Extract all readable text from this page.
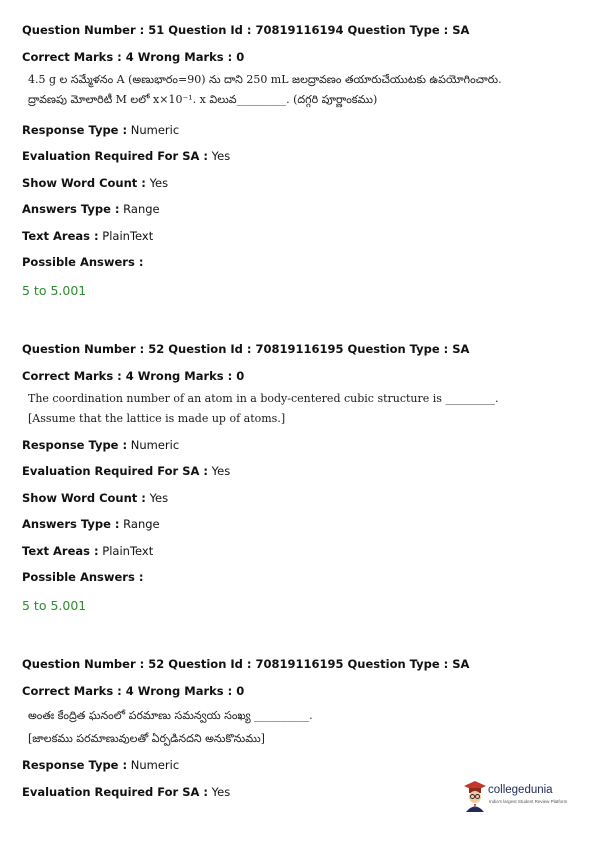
Question Number : 51 Question Id : 70819116194 Question Type : SA
Correct Marks : 4 Wrong Marks : 0
4.5 g ల సమ్మేళనం A (అణుభారం=90) ను దాని 250 mL జలద్రావణం తయారుచేయుటకు ఉపయోగించారు.
ద్రావణపు మోలారిటీ M లలో x×10⁻¹. x విలువ_________. (దగ్గరి పూర్ణాంకము)
Response Type : Numeric
Evaluation Required For SA : Yes
Show Word Count : Yes
Answers Type : Range
Text Areas : PlainText
Possible Answers :
5 to 5.001
Question Number : 52 Question Id : 70819116195 Question Type : SA
Correct Marks : 4 Wrong Marks : 0
The coordination number of an atom in a body-centered cubic structure is _________.
[Assume that the lattice is made up of atoms.]
Response Type : Numeric
Evaluation Required For SA : Yes
Show Word Count : Yes
Answers Type : Range
Text Areas : PlainText
Possible Answers :
5 to 5.001
Question Number : 52 Question Id : 70819116195 Question Type : SA
Correct Marks : 4 Wrong Marks : 0
అంతః కేంద్రిత ఘనంలో పరమాణు సమన్వయ సంఖ్య __________.
[జాలకము పరమాణువులతో ఏర్పడినదని అనుకొనుము]
Response Type : Numeric
Evaluation Required For SA : Yes	collegedunia
India's largest Student Review Platform
